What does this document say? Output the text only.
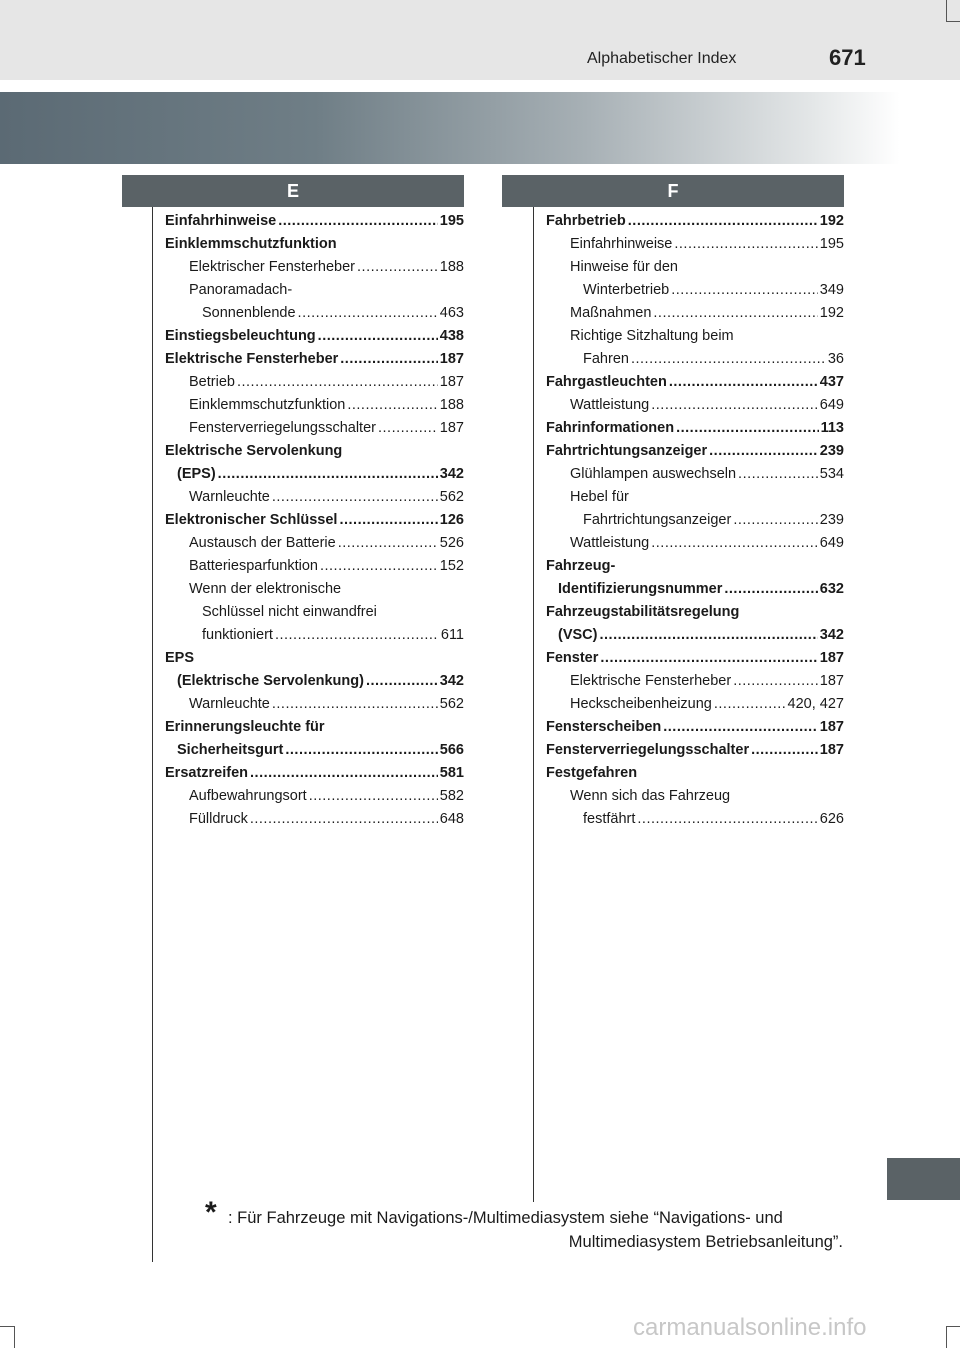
Alphabetischer Index	671
E	F
Einfahrhinweise .....	195
Einklemmschutzfunktion
Elektrischer Fensterheber .....	188
Panoramadach-
Sonnenblende .....	463
Einstiegsbeleuchtung .....	438
Elektrische Fensterheber .....	187
Betrieb .....	187
Einklemmschutzfunktion .....	188
Fensterverriegelungsschalter .....	187
Elektrische Servolenkung
(EPS) .....	342
Warnleuchte .....	562
Elektronischer Schlüssel .....	126
Austausch der Batterie .....	526
Batteriesparfunktion .....	152
Wenn der elektronische
Schlüssel nicht einwandfrei
funktioniert .....	611
EPS
(Elektrische Servolenkung) .....	342
Warnleuchte .....	562
Erinnerungsleuchte für
Sicherheitsgurt .....	566
Ersatzreifen .....	581
Aufbewahrungsort .....	582
Fülldruck .....	648
Fahrbetrieb .....	192
Einfahrhinweise .....	195
Hinweise für den
Winterbetrieb .....	349
Maßnahmen .....	192
Richtige Sitzhaltung beim
Fahren .....	36
Fahrgastleuchten .....	437
Wattleistung .....	649
Fahrinformationen .....	113
Fahrtrichtungsanzeiger .....	239
Glühlampen auswechseln .....	534
Hebel für
Fahrtrichtungsanzeiger .....	239
Wattleistung .....	649
Fahrzeug-
Identifizierungsnummer .....	632
Fahrzeugstabilitätsregelung
(VSC) .....	342
Fenster .....	187
Elektrische Fensterheber .....	187
Heckscheibenheizung .....	420, 427
Fensterscheiben .....	187
Fensterverriegelungsschalter .....	187
Festgefahren
Wenn sich das Fahrzeug
festfährt .....	626
* : Für Fahrzeuge mit Navigations-/Multimediasystem siehe “Navigations- und
Multimediasystem Betriebsanleitung”.
carmanualsonline.info
